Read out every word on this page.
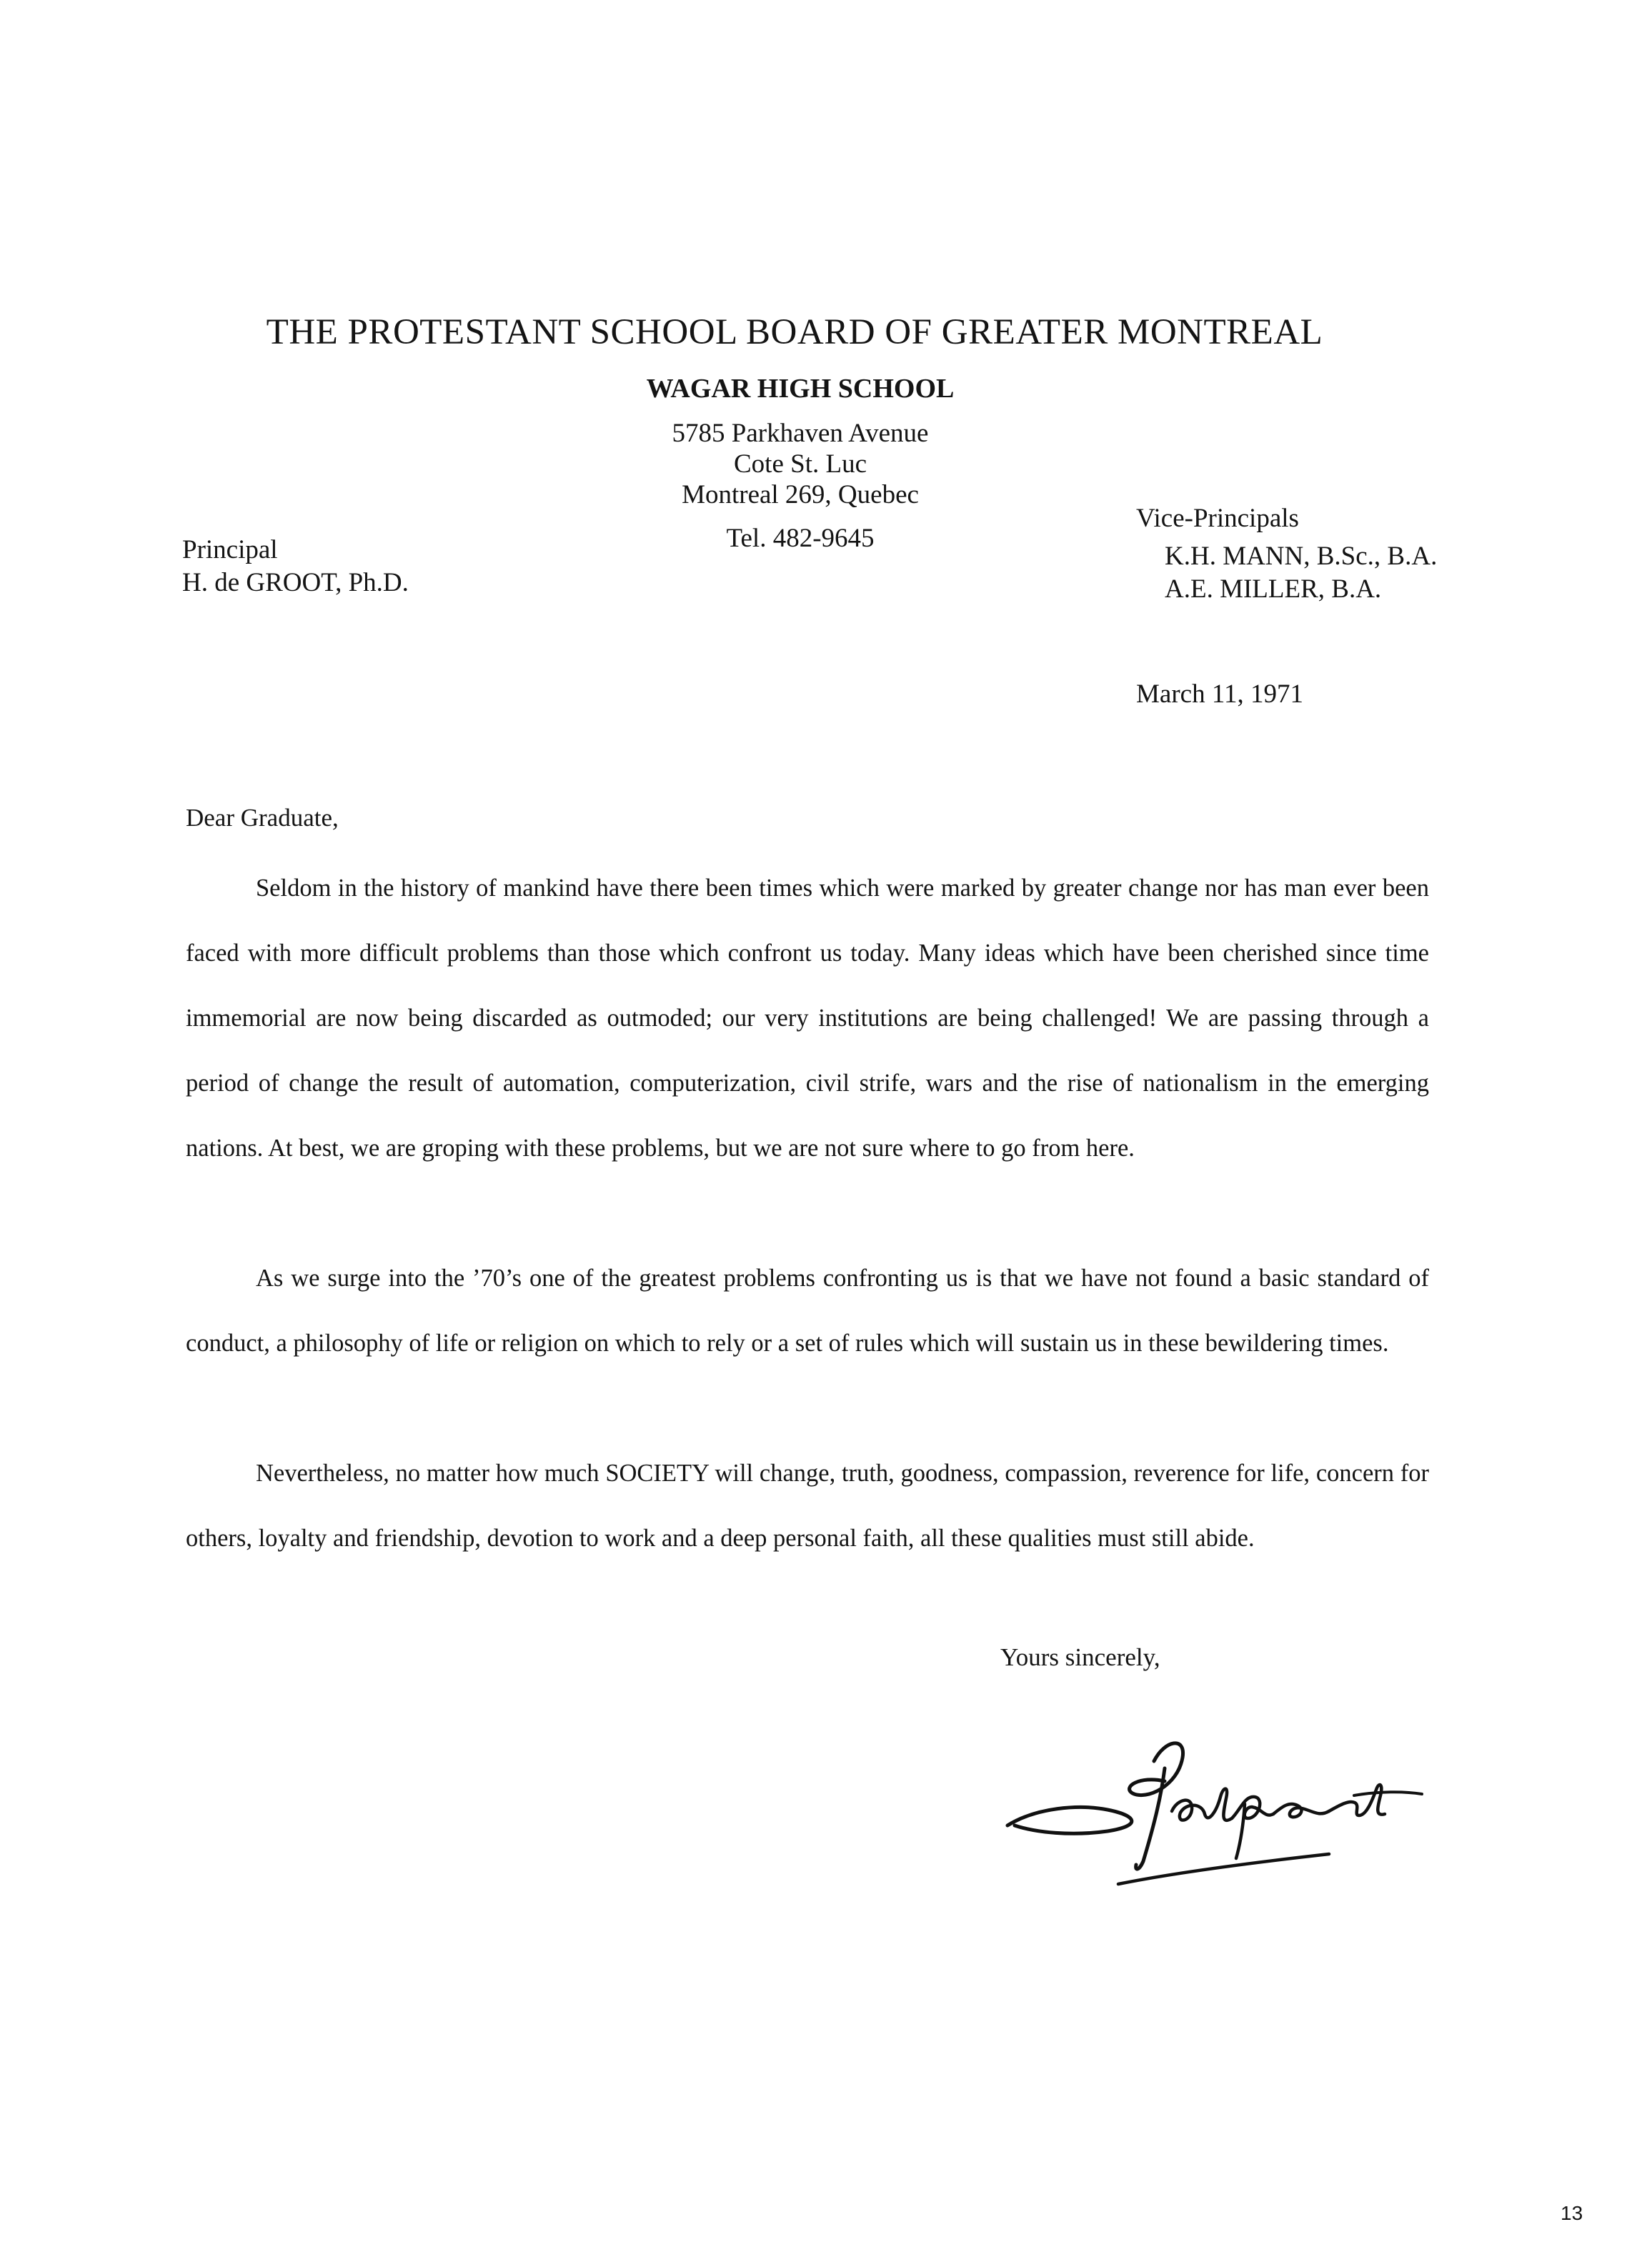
THE PROTESTANT SCHOOL BOARD OF GREATER MONTREAL
WAGAR HIGH SCHOOL
5785 Parkhaven Avenue
Cote St. Luc
Montreal 269, Quebec
Tel. 482-9645
Principal
H. de GROOT, Ph.D.
Vice-Principals
K.H. MANN, B.Sc., B.A.
A.E. MILLER, B.A.
March 11, 1971
Dear Graduate,

Seldom in the history of mankind have there been times which were marked by greater change nor has man ever been faced with more difficult problems than those which confront us today. Many ideas which have been cherished since time immemorial are now being discarded as outmoded; our very institutions are being challenged! We are passing through a period of change the result of automation, computerization, civil strife, wars and the rise of nationalism in the emerging nations. At best, we are groping with these problems, but we are not sure where to go from here.

As we surge into the ’70’s one of the greatest problems confronting us is that we have not found a basic standard of conduct, a philosophy of life or religion on which to rely or a set of rules which will sustain us in these bewildering times.

Nevertheless, no matter how much SOCIETY will change, truth, goodness, compassion, reverence for life, concern for others, loyalty and friendship, devotion to work and a deep personal faith, all these qualities must still abide.

Yours sincerely,
13
